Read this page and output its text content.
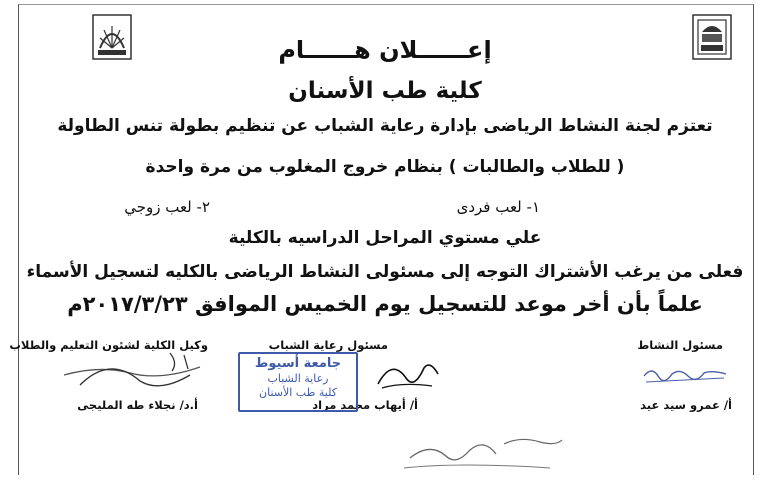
إعــــــلان هــــــام
كلية طب الأسنان
تعتزم لجنة النشاط الرياضى بإدارة رعاية الشباب عن تنظيم بطولة تنس الطاولة
( للطلاب والطالبات ) بنظام خروج المغلوب من مرة واحدة
١- لعب فردى
٢- لعب زوجي
علي مستوي المراحل الدراسيه بالكلية
فعلى من يرغب الأشتراك التوجه إلى مسئولى النشاط الرياضى بالكليه لتسجيل الأسماء
علماً بأن أخر موعد للتسجيل يوم الخميس الموافق ٢٠١٧/٣/٢٣م
مسئول النشاط
مسئول رعاية الشباب
وكيل الكلية لشئون التعليم والطلاب
أ/ عمرو سيد عيد
أ/ أيهاب محمد مراد
أ.د/ نجلاء طه المليجى
جامعة أسيوط
رعاية الشباب
كلية طب الأسنان
